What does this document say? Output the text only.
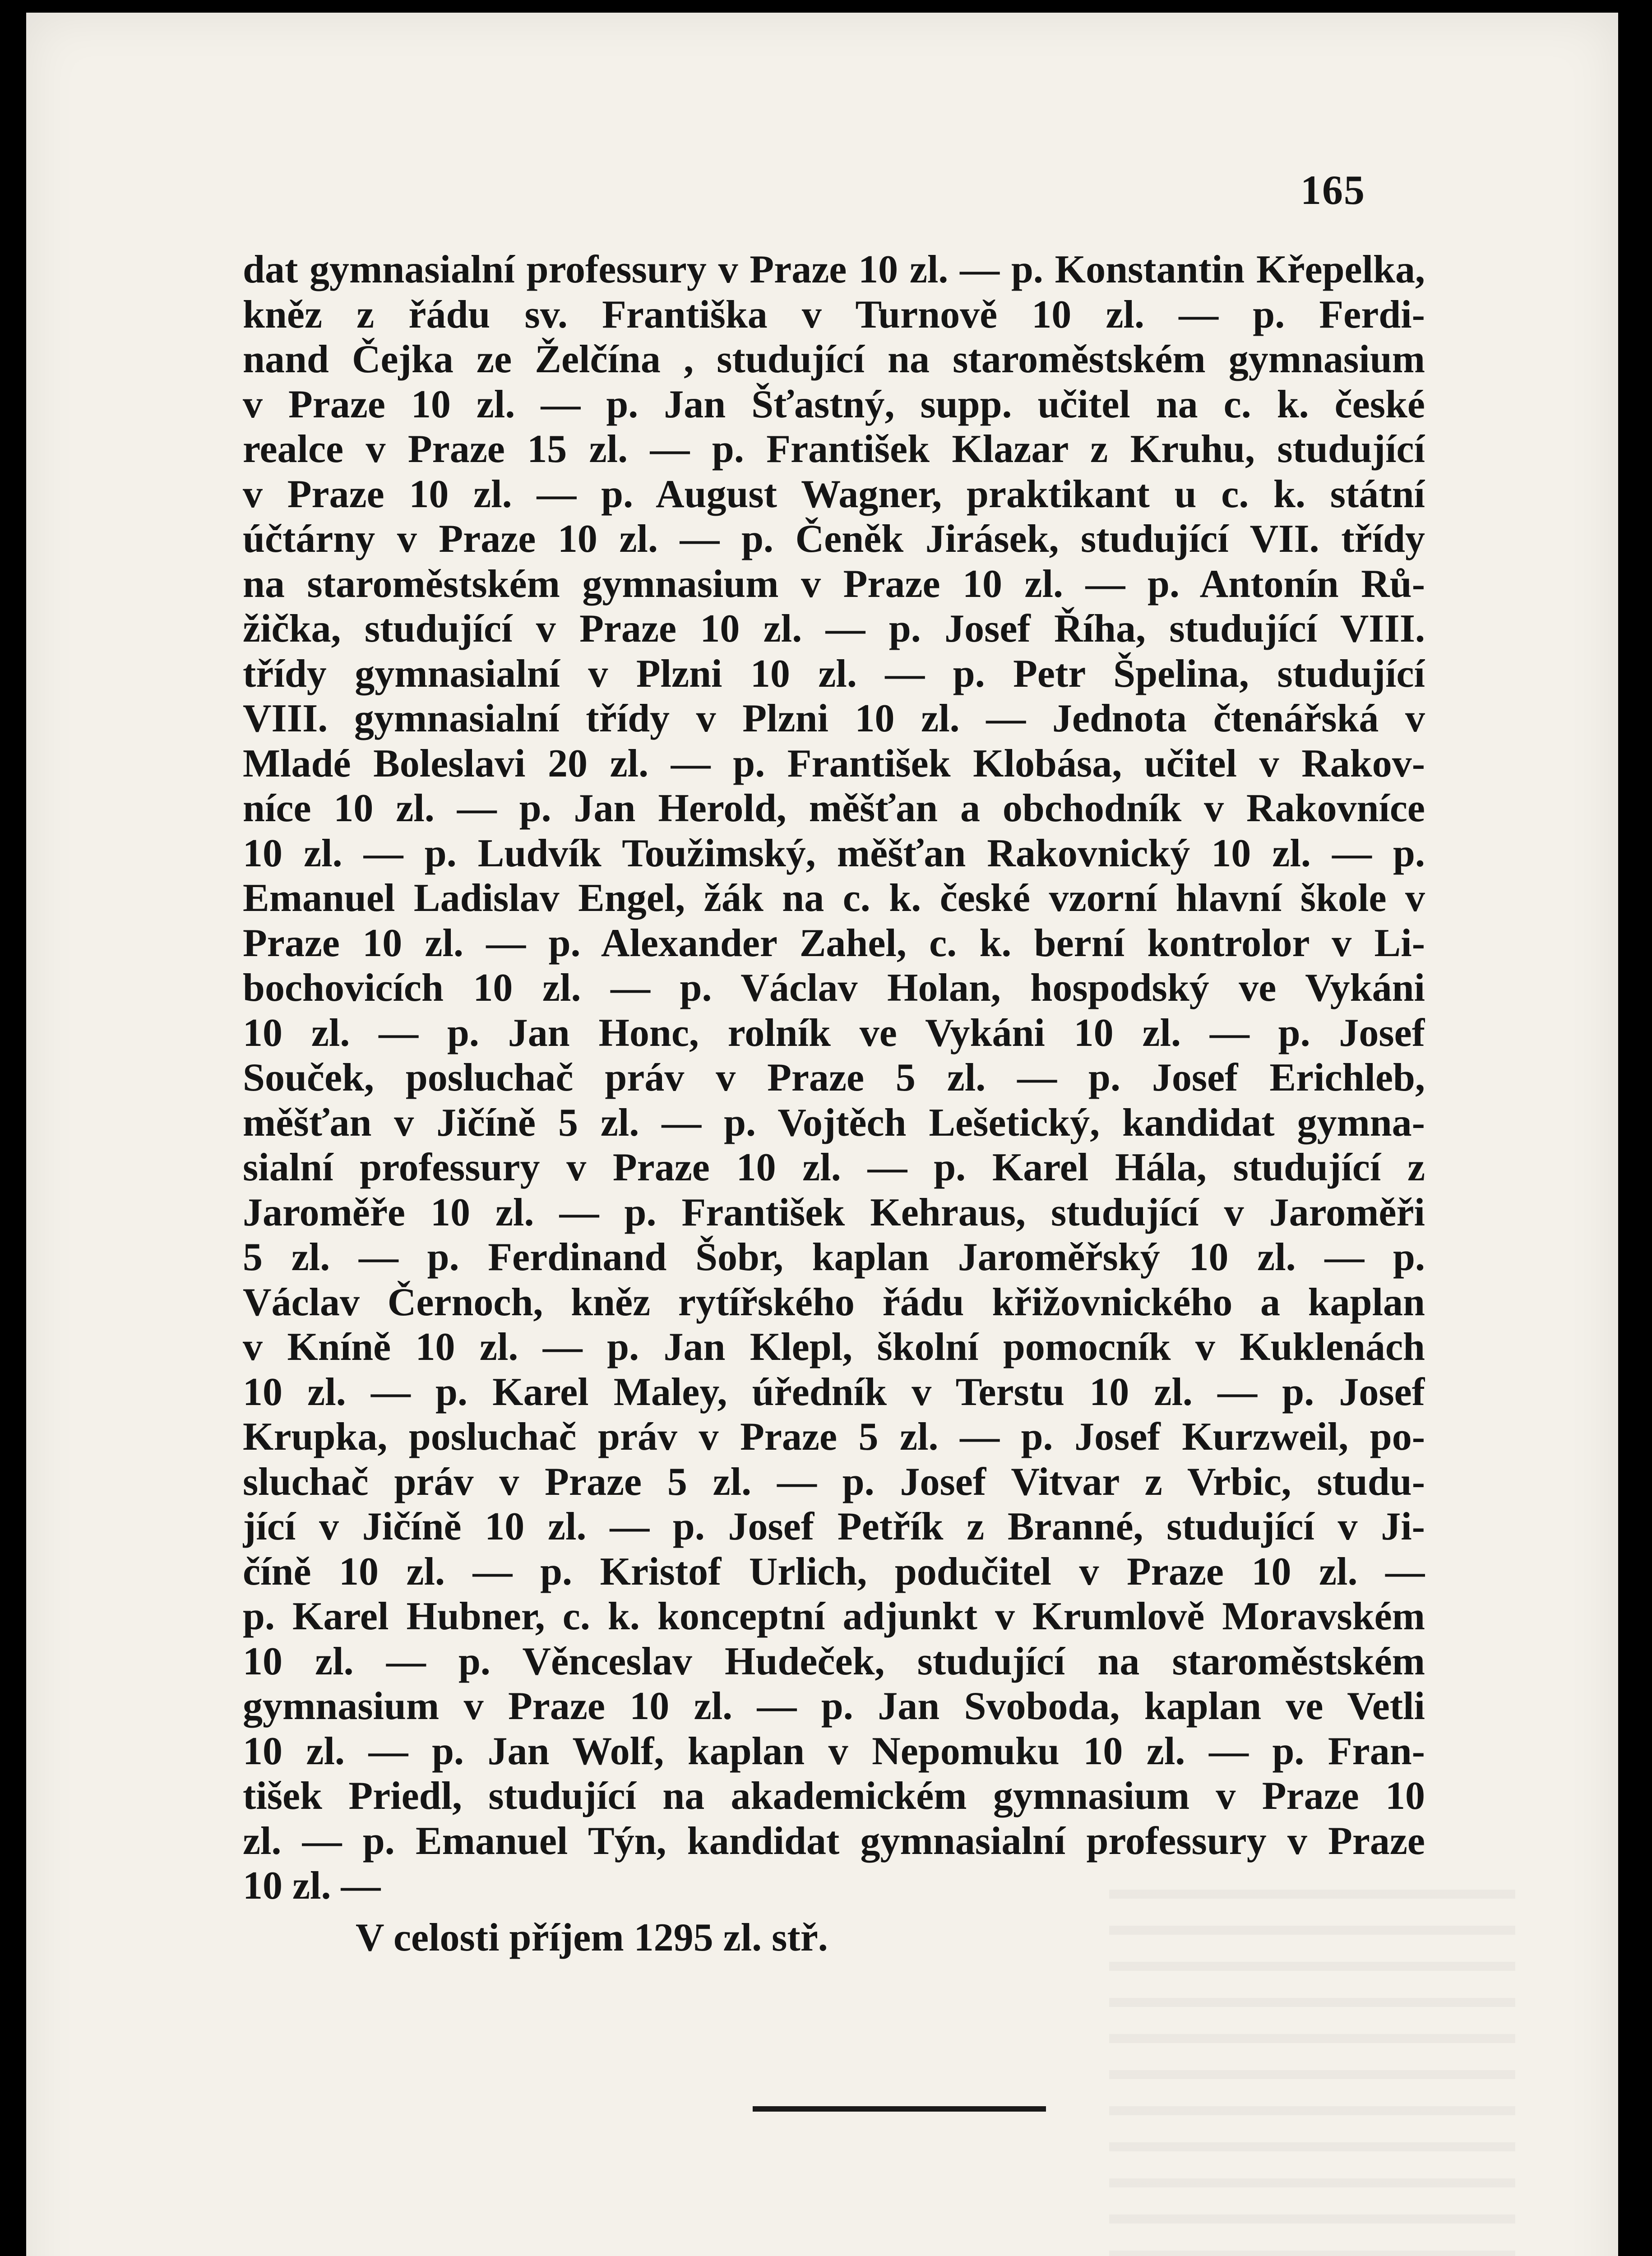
165
dat gymnasialní professury v Praze 10 zl. — p. Konstantin Křepelka,
kněz z řádu sv. Františka v Turnově 10 zl. — p. Ferdi-
nand Čejka ze Želčína , studující na staroměstském gymnasium
v Praze 10 zl. — p. Jan Šťastný, supp. učitel na c. k. české
realce v Praze 15 zl. — p. František Klazar z Kruhu, studující
v Praze 10 zl. — p. August Wagner, praktikant u c. k. státní
účtárny v Praze 10 zl. — p. Čeněk Jirásek, studující VII. třídy
na staroměstském gymnasium v Praze 10 zl. — p. Antonín Rů-
žička, studující v Praze 10 zl. — p. Josef Říha, studující VIII.
třídy gymnasialní v Plzni 10 zl. — p. Petr Špelina, studující
VIII. gymnasialní třídy v Plzni 10 zl. — Jednota čtenářská v
Mladé Boleslavi 20 zl. — p. František Klobása, učitel v Rakov-
níce 10 zl. — p. Jan Herold, měšťan a obchodník v Rakovníce
10 zl. — p. Ludvík Toužimský, měšťan Rakovnický 10 zl. — p.
Emanuel Ladislav Engel, žák na c. k. české vzorní hlavní škole v
Praze 10 zl. — p. Alexander Zahel, c. k. berní kontrolor v Li-
bochovicích 10 zl. — p. Václav Holan, hospodský ve Vykáni
10 zl. — p. Jan Honc, rolník ve Vykáni 10 zl. — p. Josef
Souček, posluchač práv v Praze 5 zl. — p. Josef Erichleb,
měšťan v Jičíně 5 zl. — p. Vojtěch Lešetický, kandidat gymna-
sialní professury v Praze 10 zl. — p. Karel Hála, studující z
Jaroměře 10 zl. — p. František Kehraus, studující v Jaroměři
5 zl. — p. Ferdinand Šobr, kaplan Jaroměřský 10 zl. — p.
Václav Černoch, kněz rytířského řádu křižovnického a kaplan
v Kníně 10 zl. — p. Jan Klepl, školní pomocník v Kuklenách
10 zl. — p. Karel Maley, úředník v Terstu 10 zl. — p. Josef
Krupka, posluchač práv v Praze 5 zl. — p. Josef Kurzweil, po-
sluchač práv v Praze 5 zl. — p. Josef Vitvar z Vrbic, studu-
jící v Jičíně 10 zl. — p. Josef Petřík z Branné, studující v Ji-
číně 10 zl. — p. Kristof Urlich, podučitel v Praze 10 zl. —
p. Karel Hubner, c. k. konceptní adjunkt v Krumlově Moravském
10 zl. — p. Věnceslav Hudeček, studující na staroměstském
gymnasium v Praze 10 zl. — p. Jan Svoboda, kaplan ve Vetli
10 zl. — p. Jan Wolf, kaplan v Nepomuku 10 zl. — p. Fran-
tišek Priedl, studující na akademickém gymnasium v Praze 10
zl. — p. Emanuel Týn, kandidat gymnasialní professury v Praze
10 zl. —
V celosti příjem 1295 zl. stř.
